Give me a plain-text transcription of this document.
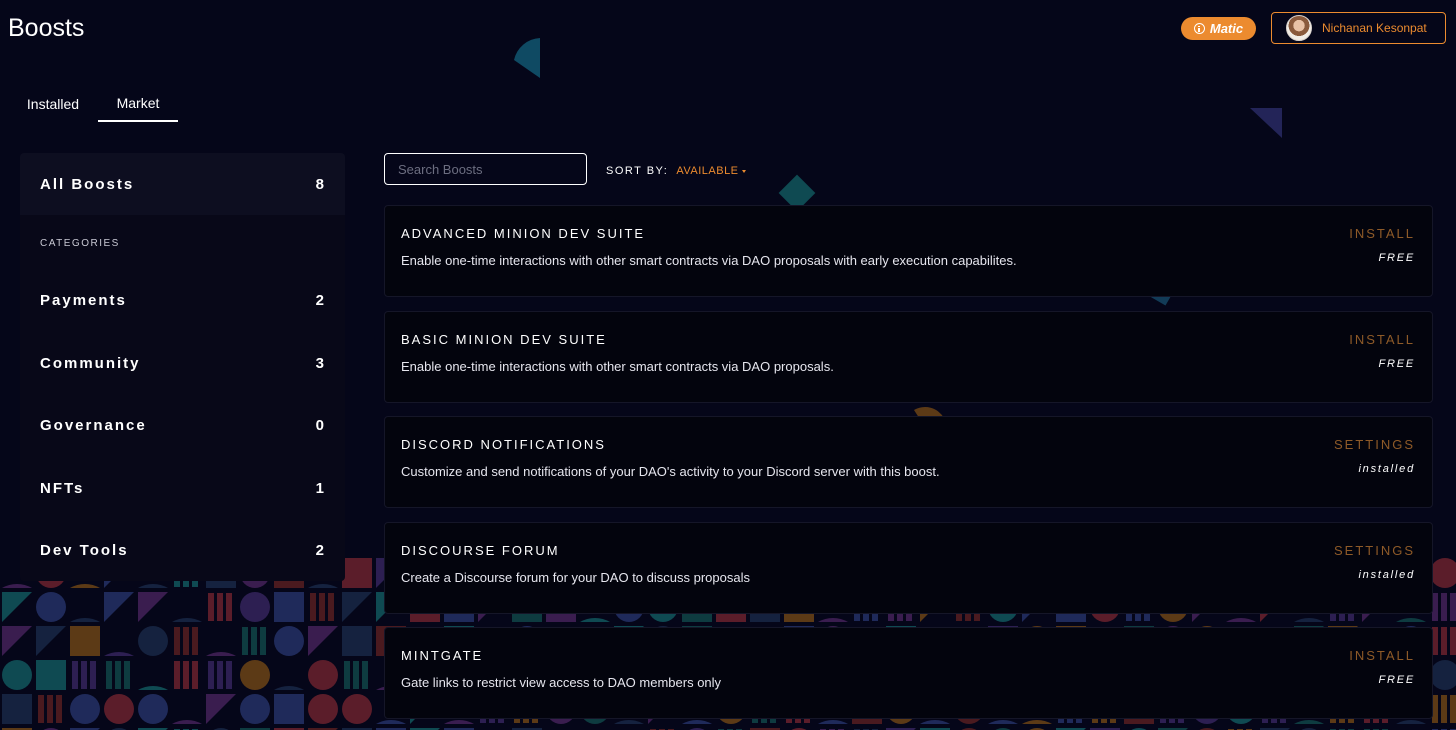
Boosts	Matic	Nichanan Kesonpat
Installed	Market
All Boosts	8
CATEGORIES
Payments	2
Community	3
Governance	0
NFTs	1
Dev Tools	2
Search Boosts
SORT BY: AVAILABLE
ADVANCED MINION DEV SUITE
Enable one-time interactions with other smart contracts via DAO proposals with early execution capabilites.
INSTALL
FREE
BASIC MINION DEV SUITE
Enable one-time interactions with other smart contracts via DAO proposals.
INSTALL
FREE
DISCORD NOTIFICATIONS
Customize and send notifications of your DAO's activity to your Discord server with this boost.
SETTINGS
installed
DISCOURSE FORUM
Create a Discourse forum for your DAO to discuss proposals
SETTINGS
installed
MINTGATE
Gate links to restrict view access to DAO members only
INSTALL
FREE
